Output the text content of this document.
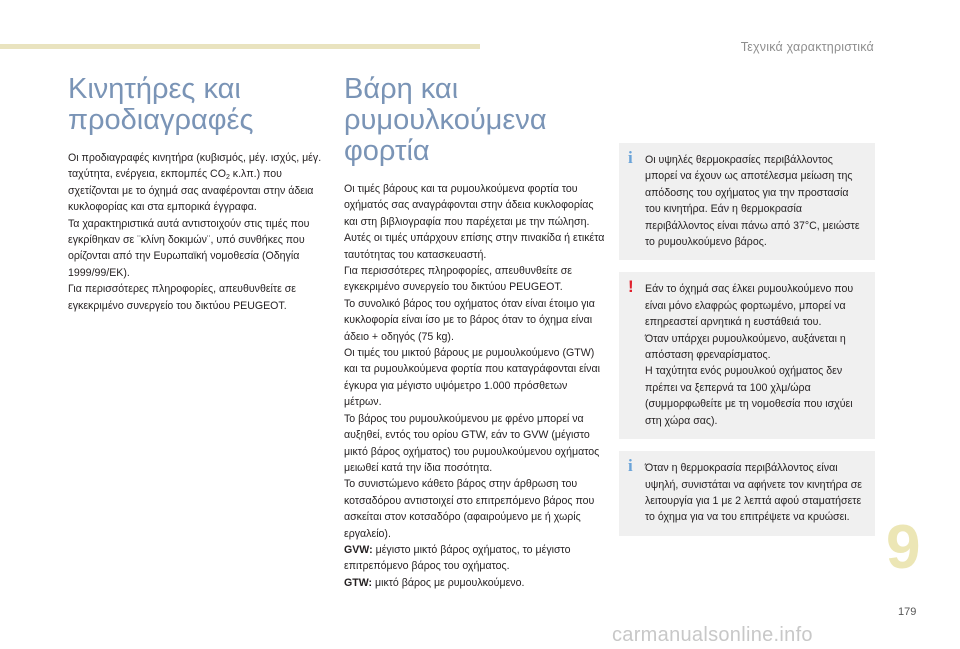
Τεχνικά χαρακτηριστικά
Κινητήρες και
προδιαγραφές

Οι προδιαγραφές κινητήρα (κυβισμός, μέγ. ισχύς, μέγ. ταχύτητα, ενέργεια, εκπομπές $CO_2$ κ.λπ.) που σχετίζονται με το όχημά σας αναφέρονται στην άδεια κυκλοφορίας και στα εμπορικά έγγραφα.

Τα χαρακτηριστικά αυτά αντιστοιχούν στις τιμές που εγκρίθηκαν σε ¨κλίνη δοκιμών¨, υπό συνθήκες που ορίζονται από την Ευρωπαϊκή νομοθεσία (Οδηγία 1999/99/ΕΚ).

Για περισσότερες πληροφορίες, απευθυνθείτε σε εγκεκριμένο συνεργείο του δικτύου PEUGEOT.

Βάρη και
ρυμουλκούμενα φορτία

Οι τιμές βάρους και τα ρυμουλκούμενα φορτία του οχήματός σας αναγράφονται στην άδεια κυκλοφορίας και στη βιβλιογραφία που παρέχεται με την πώληση.

Αυτές οι τιμές υπάρχουν επίσης στην πινακίδα ή ετικέτα ταυτότητας του κατασκευαστή.

Για περισσότερες πληροφορίες, απευθυνθείτε σε εγκεκριμένο συνεργείο του δικτύου PEUGEOT.

Το συνολικό βάρος του οχήματος όταν είναι έτοιμο για κυκλοφορία είναι ίσο με το βάρος όταν το όχημα είναι άδειο + οδηγός (75 kg).

Οι τιμές του μικτού βάρους με ρυμουλκούμενο (GTW) και τα ρυμουλκούμενα φορτία που καταγράφονται είναι έγκυρα για μέγιστο υψόμετρο 1.000 πρόσθετων μέτρων.

Το βάρος του ρυμουλκούμενου με φρένο μπορεί να αυξηθεί, εντός του ορίου GTW, εάν το GVW (μέγιστο μικτό βάρος οχήματος) του ρυμουλκούμενου οχήματος μειωθεί κατά την ίδια ποσότητα.

Το συνιστώμενο κάθετο βάρος στην άρθρωση του κοτσαδόρου αντιστοιχεί στο επιτρεπόμενο βάρος που ασκείται στον κοτσαδόρο (αφαιρούμενο με ή χωρίς εργαλείο).

GVW: μέγιστο μικτό βάρος οχήματος, το μέγιστο επιτρεπόμενο βάρος του οχήματος.

GTW: μικτό βάρος με ρυμουλκούμενο.

i Οι υψηλές θερμοκρασίες περιβάλλοντος μπορεί να έχουν ως αποτέλεσμα μείωση της απόδοσης του οχήματος για την προστασία του κινητήρα. Εάν η θερμοκρασία περιβάλλοντος είναι πάνω από 37°C, μειώστε το ρυμουλκούμενο βάρος.

! Εάν το όχημά σας έλκει ρυμουλκούμενο που είναι μόνο ελαφρώς φορτωμένο, μπορεί να επηρεαστεί αρνητικά η ευστάθειά του.

Όταν υπάρχει ρυμουλκούμενο, αυξάνεται η απόσταση φρεναρίσματος.

Η ταχύτητα ενός ρυμουλκού οχήματος δεν πρέπει να ξεπερνά τα 100 χλμ/ώρα (συμμορφωθείτε με τη νομοθεσία που ισχύει στη χώρα σας).

i Όταν η θερμοκρασία περιβάλλοντος είναι υψηλή, συνιστάται να αφήνετε τον κινητήρα σε λειτουργία για 1 με 2 λεπτά αφού σταματήσετε το όχημα για να του επιτρέψετε να κρυώσει. 9
179
carmanualsonline.info
